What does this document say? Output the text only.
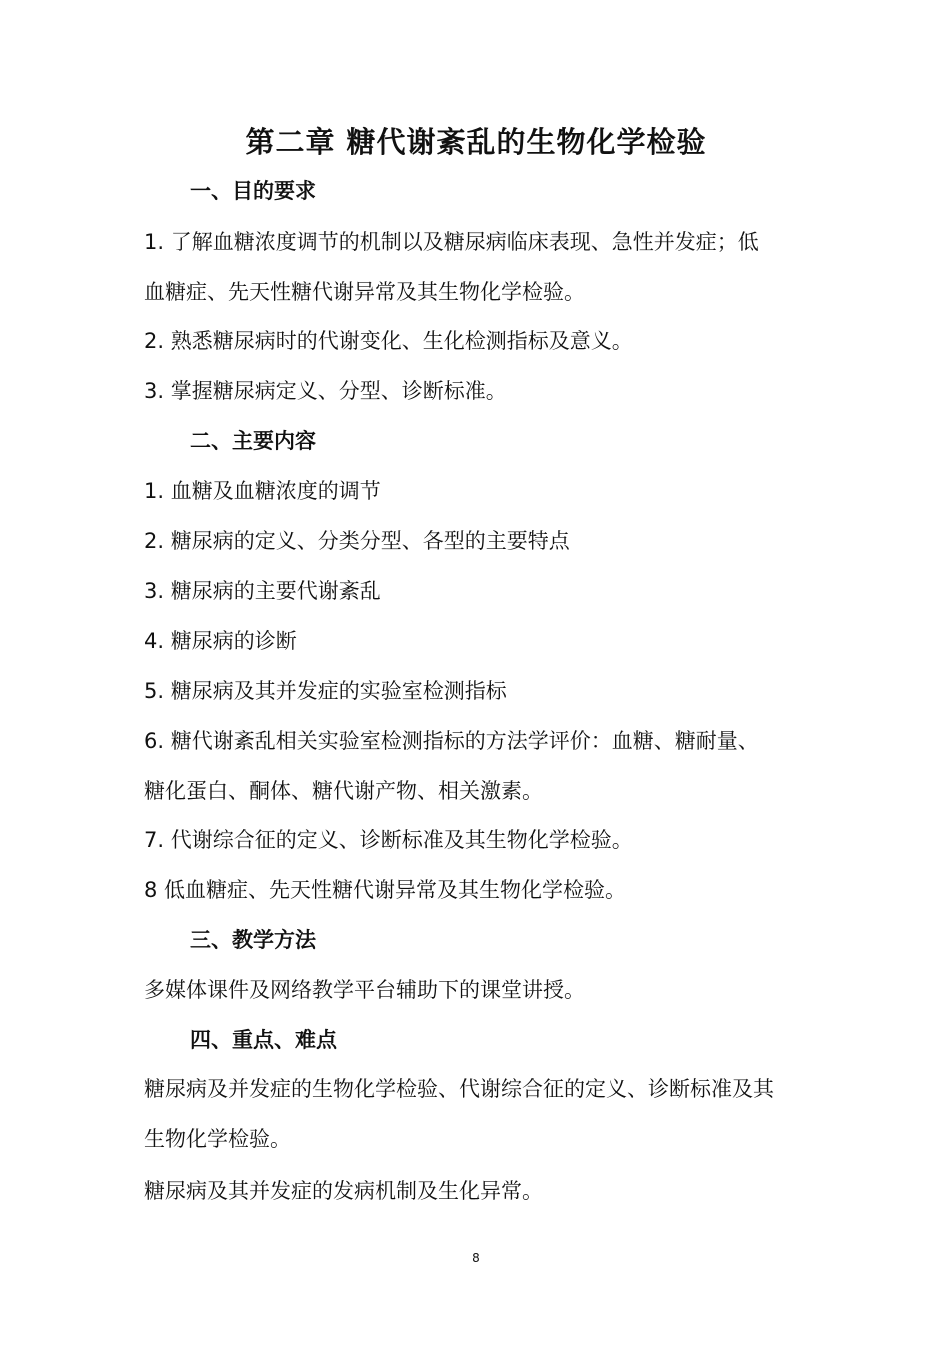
第二章 糖代谢紊乱的生物化学检验
一、目的要求
1. 了解血糖浓度调节的机制以及糖尿病临床表现、急性并发症；低
血糖症、先天性糖代谢异常及其生物化学检验。
2. 熟悉糖尿病时的代谢变化、生化检测指标及意义。
3. 掌握糖尿病定义、分型、诊断标准。
二、主要内容
1. 血糖及血糖浓度的调节
2. 糖尿病的定义、分类分型、各型的主要特点
3. 糖尿病的主要代谢紊乱
4. 糖尿病的诊断
5. 糖尿病及其并发症的实验室检测指标
6. 糖代谢紊乱相关实验室检测指标的方法学评价：血糖、糖耐量、
糖化蛋白、酮体、糖代谢产物、相关激素。
7. 代谢综合征的定义、诊断标准及其生物化学检验。
8 低血糖症、先天性糖代谢异常及其生物化学检验。
三、教学方法
多媒体课件及网络教学平台辅助下的课堂讲授。
四、重点、难点
糖尿病及并发症的生物化学检验、代谢综合征的定义、诊断标准及其
生物化学检验。
糖尿病及其并发症的发病机制及生化异常。
8
